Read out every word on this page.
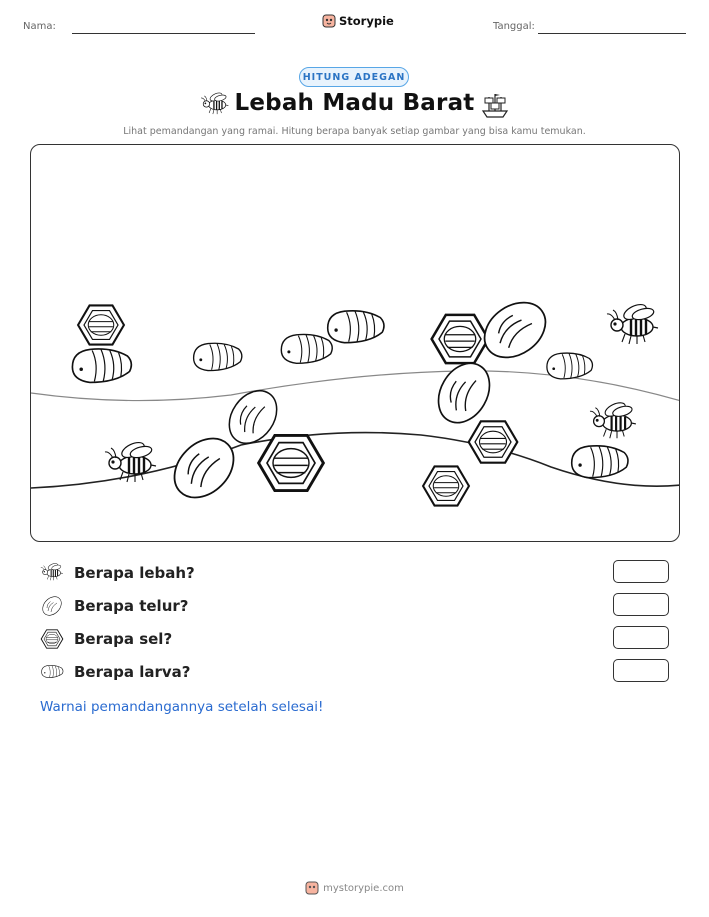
Nama:	Storypie	Tanggal:
HITUNG ADEGAN
Lebah Madu Barat
Lihat pemandangan yang ramai. Hitung berapa banyak setiap gambar yang bisa kamu temukan.
Berapa lebah?
Berapa telur?
Berapa sel?
Berapa larva?
Warnai pemandangannya setelah selesai!
mystorypie.com
